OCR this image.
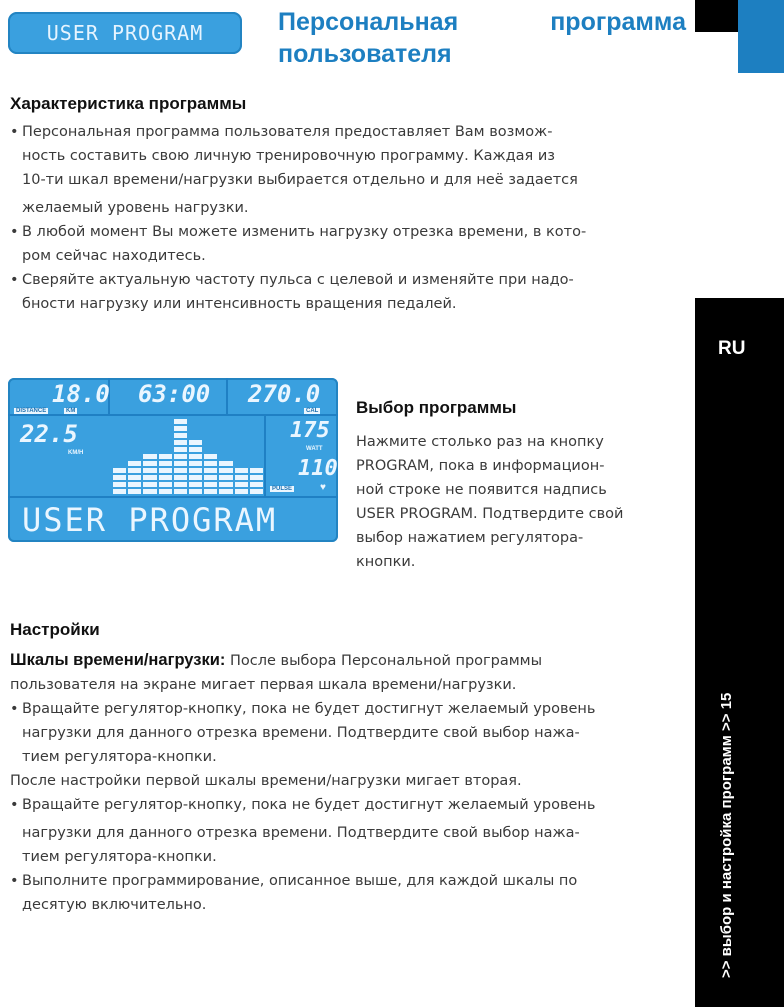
USER PROGRAM	Персональная	программа
пользователя
RU
>> выбор и настройка программ >> 15
Характеристика программы
• Персональная программа пользователя предоставляет Вам возмож-
ность составить свою личную тренировочную программу. Каждая из
10-ти шкал времени/нагрузки выбирается отдельно и для неё задается
желаемый уровень нагрузки.
• В любой момент Вы можете изменить нагрузку отрезка времени, в кото-
ром сейчас находитесь.
• Сверяйте актуальную частоту пульса с целевой и изменяйте при надо-
бности нагрузку или интенсивность вращения педалей.
18.0 63:00 270.0
DISTANCE	KM	CAL
22.5
KM/H
175
WATT
110
PULSE	♥
USER PROGRAM
Выбор программы
Нажмите столько раз на кнопку
PROGRAM, пока в информацион-
ной строке не появится надпись
USER PROGRAM. Подтвердите свой
выбор нажатием регулятора-
кнопки.
Настройки
Шкалы времени/нагрузки: После выбора Персональной программы
пользователя на экране мигает первая шкала времени/нагрузки.
• Вращайте регулятор-кнопку, пока не будет достигнут желаемый уровень
нагрузки для данного отрезка времени. Подтвердите свой выбор нажа-
тием регулятора-кнопки.
После настройки первой шкалы времени/нагрузки мигает вторая.
• Вращайте регулятор-кнопку, пока не будет достигнут желаемый уровень
нагрузки для данного отрезка времени. Подтвердите свой выбор нажа-
тием регулятора-кнопки.
• Выполните программирование, описанное выше, для каждой шкалы по
десятую включительно.
